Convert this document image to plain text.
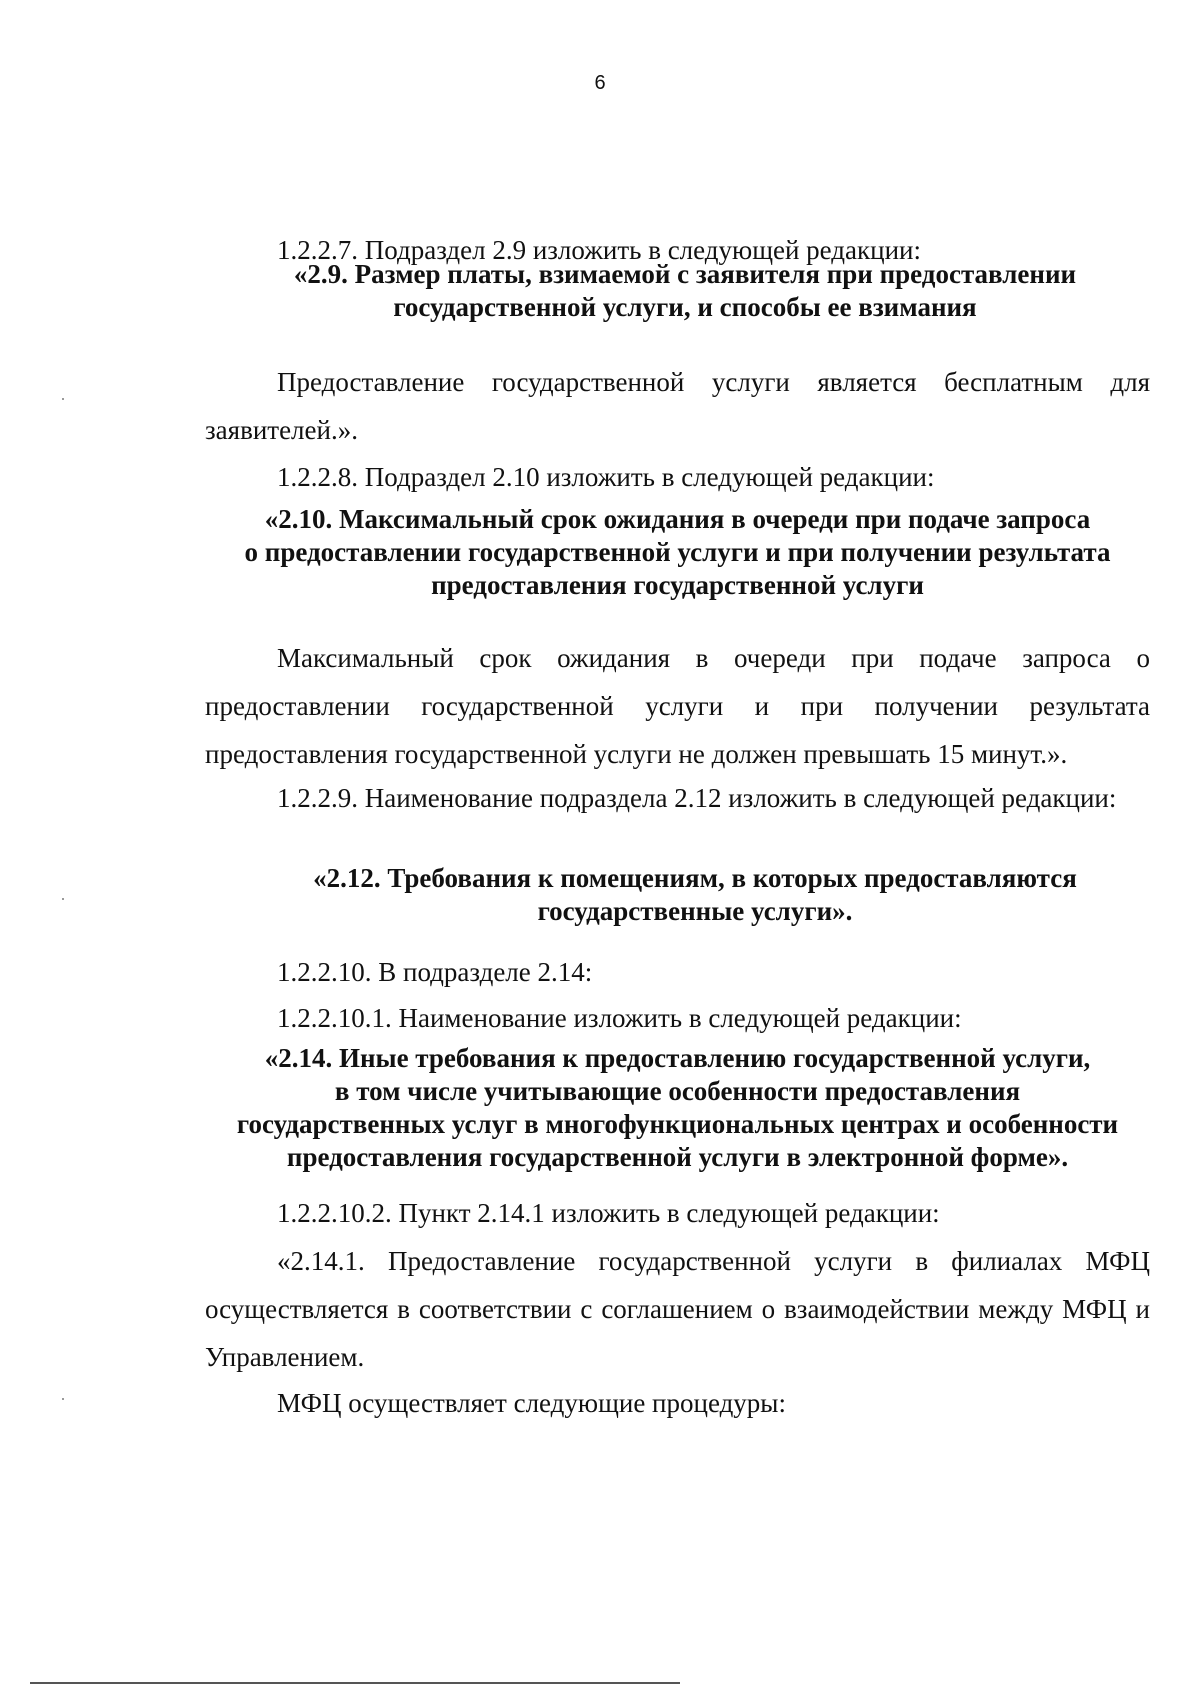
6

1.2.2.7. Подраздел 2.9 изложить в следующей редакции:

«2.9. Размер платы, взимаемой с заявителя при предоставлении
государственной услуги, и способы ее взимания

Предоставление государственной услуги является бесплатным для заявителей.».

1.2.2.8. Подраздел 2.10 изложить в следующей редакции:

«2.10. Максимальный срок ожидания в очереди при подаче запроса
о предоставлении государственной услуги и при получении результата
предоставления государственной услуги

Максимальный срок ожидания в очереди при подаче запроса о предоставлении государственной услуги и при получении результата предоставления государственной услуги не должен превышать 15 минут.».

1.2.2.9. Наименование подраздела 2.12 изложить в следующей редакции:

«2.12. Требования к помещениям, в которых предоставляются
государственные услуги».

1.2.2.10. В подразделе 2.14:

1.2.2.10.1. Наименование изложить в следующей редакции:

«2.14. Иные требования к предоставлению государственной услуги,
в том числе учитывающие особенности предоставления
государственных услуг в многофункциональных центрах и особенности
предоставления государственной услуги в электронной форме».

1.2.2.10.2. Пункт 2.14.1 изложить в следующей редакции:

«2.14.1. Предоставление государственной услуги в филиалах МФЦ осуществляется в соответствии с соглашением о взаимодействии между МФЦ и Управлением.

МФЦ осуществляет следующие процедуры:
